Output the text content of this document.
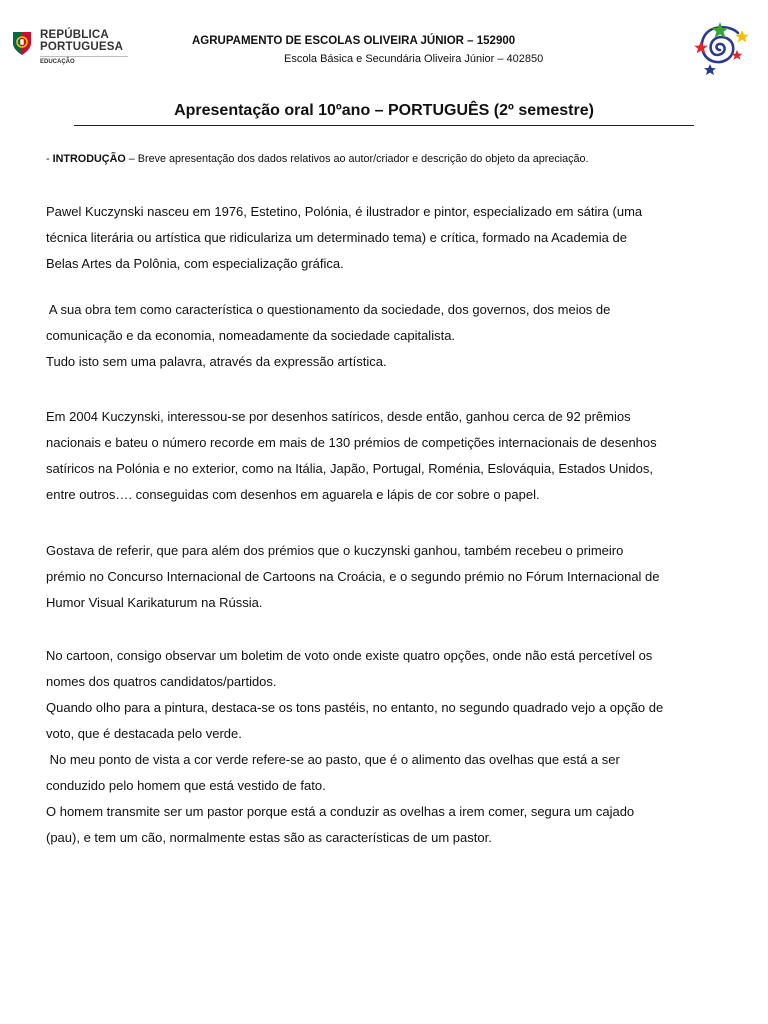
REPÚBLICA
PORTUGUESA
EDUCAÇÃO
AGRUPAMENTO DE ESCOLAS OLIVEIRA JÚNIOR – 152900
Escola Básica e Secundária Oliveira Júnior – 402850
Apresentação oral 10ºano – PORTUGUÊS (2º semestre)
- INTRODUÇÃO – Breve apresentação dos dados relativos ao autor/criador e descrição do objeto da apreciação.
Pawel Kuczynski nasceu em 1976, Estetino, Polónia, é ilustrador e pintor, especializado em sátira (uma
técnica literária ou artística que ridiculariza um determinado tema) e crítica, formado na Academia de
Belas Artes da Polônia, com especialização gráfica.
A sua obra tem como característica o questionamento da sociedade, dos governos, dos meios de
comunicação e da economia, nomeadamente da sociedade capitalista.
Tudo isto sem uma palavra, através da expressão artística.
Em 2004 Kuczynski, interessou-se por desenhos satíricos, desde então, ganhou cerca de 92 prêmios
nacionais e bateu o número recorde em mais de 130 prémios de competições internacionais de desenhos
satíricos na Polónia e no exterior, como na Itália, Japão, Portugal, Roménia, Eslováquia, Estados Unidos,
entre outros…. conseguidas com desenhos em aguarela e lápis de cor sobre o papel.
Gostava de referir, que para além dos prémios que o kuczynski ganhou, também recebeu o primeiro
prémio no Concurso Internacional de Cartoons na Croácia, e o segundo prémio no Fórum Internacional de
Humor Visual Karikaturum na Rússia.
No cartoon, consigo observar um boletim de voto onde existe quatro opções, onde não está percetível os
nomes dos quatros candidatos/partidos.
Quando olho para a pintura, destaca-se os tons pastéis, no entanto, no segundo quadrado vejo a opção de
voto, que é destacada pelo verde.
No meu ponto de vista a cor verde refere-se ao pasto, que é o alimento das ovelhas que está a ser
conduzido pelo homem que está vestido de fato.
O homem transmite ser um pastor porque está a conduzir as ovelhas a irem comer, segura um cajado
(pau), e tem um cão, normalmente estas são as características de um pastor.
